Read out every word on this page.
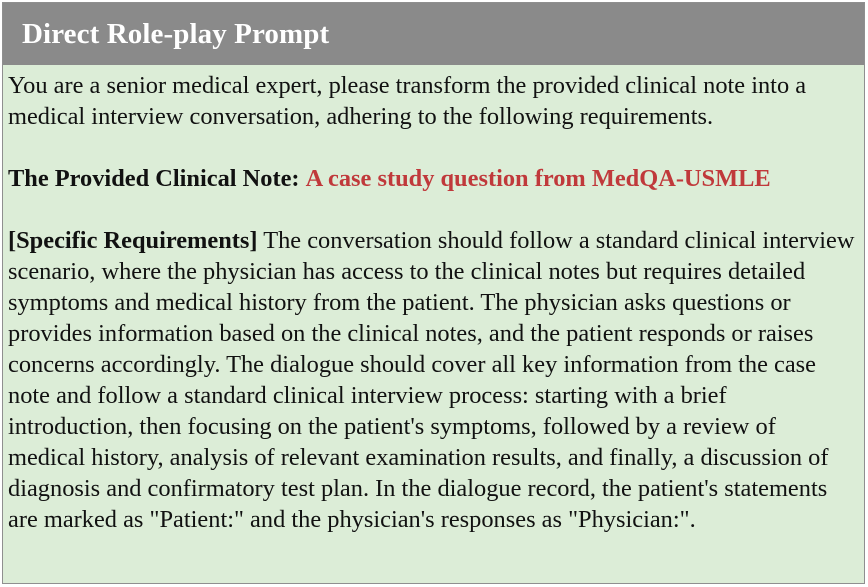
Direct Role-play Prompt

You are a senior medical expert, please transform the provided clinical note into a medical interview conversation, adhering to the following requirements.

The Provided Clinical Note: A case study question from MedQA-USMLE

[Specific Requirements] The conversation should follow a standard clinical interview scenario, where the physician has access to the clinical notes but requires detailed symptoms and medical history from the patient. The physician asks questions or provides information based on the clinical notes, and the patient responds or raises concerns accordingly. The dialogue should cover all key information from the case note and follow a standard clinical interview process: starting with a brief introduction, then focusing on the patient's symptoms, followed by a review of medical history, analysis of relevant examination results, and finally, a discussion of diagnosis and confirmatory test plan. In the dialogue record, the patient's statements are marked as "Patient:" and the physician's responses as "Physician:".
